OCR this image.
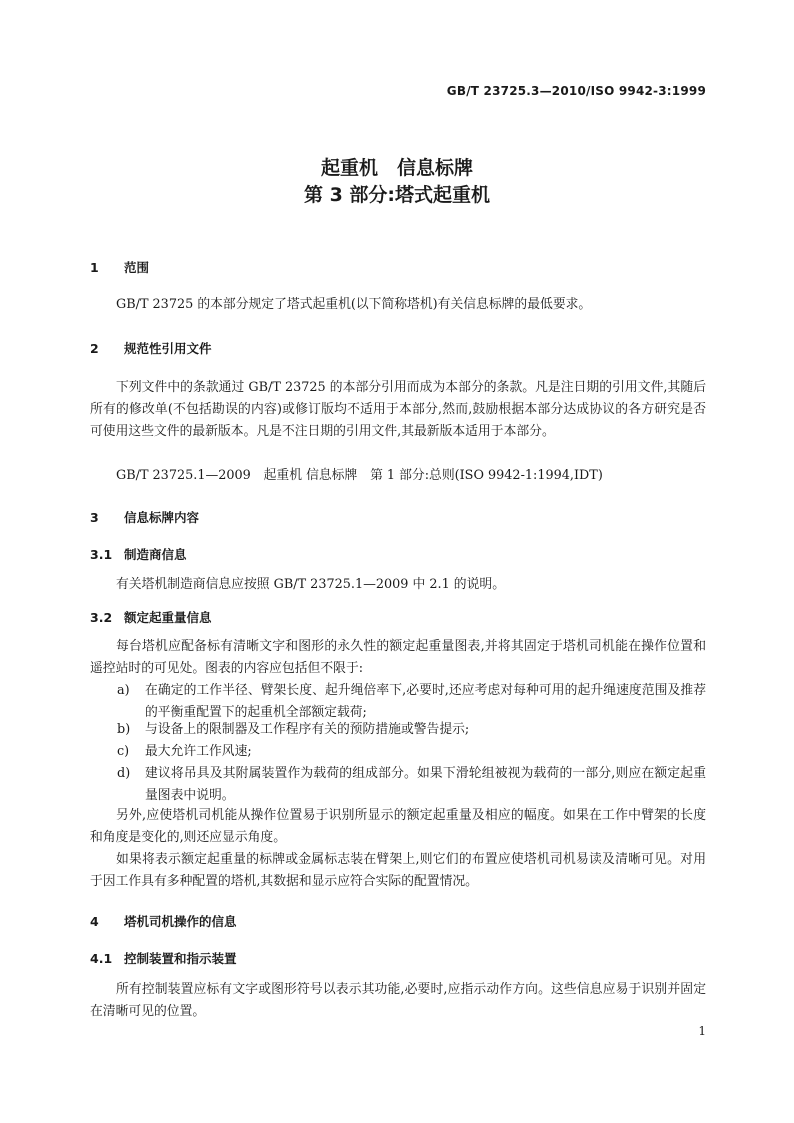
GB/T 23725.3—2010/ISO 9942-3:1999
起重机　信息标牌
第 3 部分:塔式起重机
1 范围
GB/T 23725 的本部分规定了塔式起重机(以下简称塔机)有关信息标牌的最低要求。
2 规范性引用文件
下列文件中的条款通过 GB/T 23725 的本部分引用而成为本部分的条款。凡是注日期的引用文件,其随后所有的修改单(不包括勘误的内容)或修订版均不适用于本部分,然而,鼓励根据本部分达成协议的各方研究是否可使用这些文件的最新版本。凡是不注日期的引用文件,其最新版本适用于本部分。
GB/T 23725.1—2009　起重机 信息标牌　第 1 部分:总则(ISO 9942-1:1994,IDT)
3 信息标牌内容
3.1 制造商信息
有关塔机制造商信息应按照 GB/T 23725.1—2009 中 2.1 的说明。
3.2 额定起重量信息
每台塔机应配备标有清晰文字和图形的永久性的额定起重量图表,并将其固定于塔机司机能在操作位置和遥控站时的可见处。图表的内容应包括但不限于:
a) 在确定的工作半径、臂架长度、起升绳倍率下,必要时,还应考虑对每种可用的起升绳速度范围及推荐的平衡重配置下的起重机全部额定载荷;
b) 与设备上的限制器及工作程序有关的预防措施或警告提示;
c) 最大允许工作风速;
d) 建议将吊具及其附属装置作为载荷的组成部分。如果下滑轮组被视为载荷的一部分,则应在额定起重量图表中说明。
另外,应使塔机司机能从操作位置易于识别所显示的额定起重量及相应的幅度。如果在工作中臂架的长度和角度是变化的,则还应显示角度。
如果将表示额定起重量的标牌或金属标志装在臂架上,则它们的布置应使塔机司机易读及清晰可见。对用于因工作具有多种配置的塔机,其数据和显示应符合实际的配置情况。
4 塔机司机操作的信息
4.1 控制装置和指示装置
所有控制装置应标有文字或图形符号以表示其功能,必要时,应指示动作方向。这些信息应易于识别并固定在清晰可见的位置。
1
